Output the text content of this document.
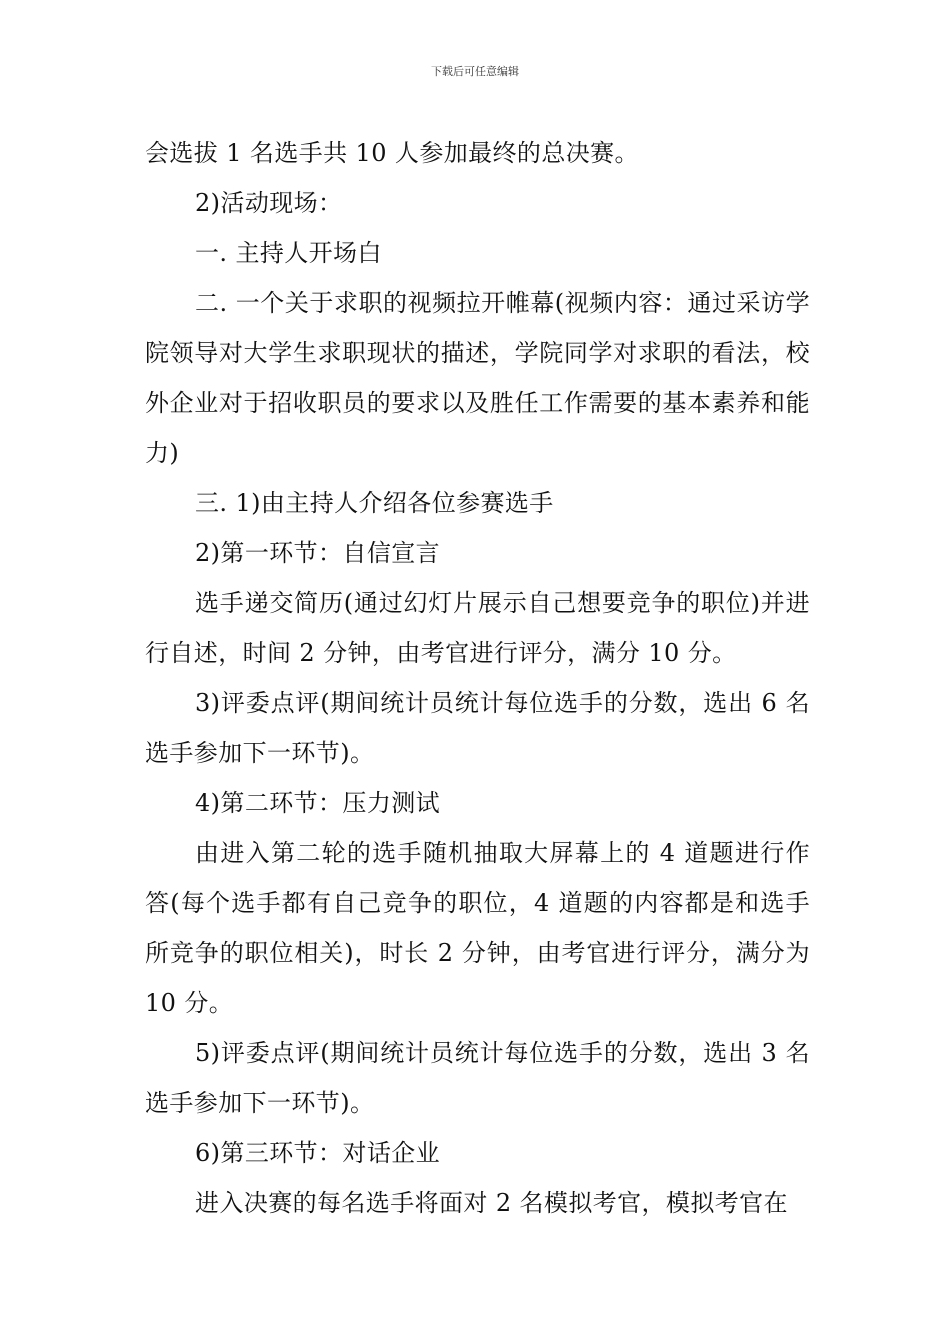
下载后可任意编辑

会选拔 1 名选手共 10 人参加最终的总决赛。

2)活动现场：

一. 主持人开场白

二. 一个关于求职的视频拉开帷幕(视频内容：通过采访学院领导对大学生求职现状的描述，学院同学对求职的看法，校外企业对于招收职员的要求以及胜任工作需要的基本素养和能力)

三. 1)由主持人介绍各位参赛选手

2)第一环节：自信宣言

选手递交简历(通过幻灯片展示自己想要竞争的职位)并进行自述，时间 2 分钟，由考官进行评分，满分 10 分。

3)评委点评(期间统计员统计每位选手的分数，选出 6 名选手参加下一环节)。

4)第二环节：压力测试

由进入第二轮的选手随机抽取大屏幕上的 4 道题进行作答(每个选手都有自己竞争的职位，4 道题的内容都是和选手所竞争的职位相关)，时长 2 分钟，由考官进行评分，满分为 10 分。

5)评委点评(期间统计员统计每位选手的分数，选出 3 名选手参加下一环节)。

6)第三环节：对话企业

进入决赛的每名选手将面对 2 名模拟考官，模拟考官在
